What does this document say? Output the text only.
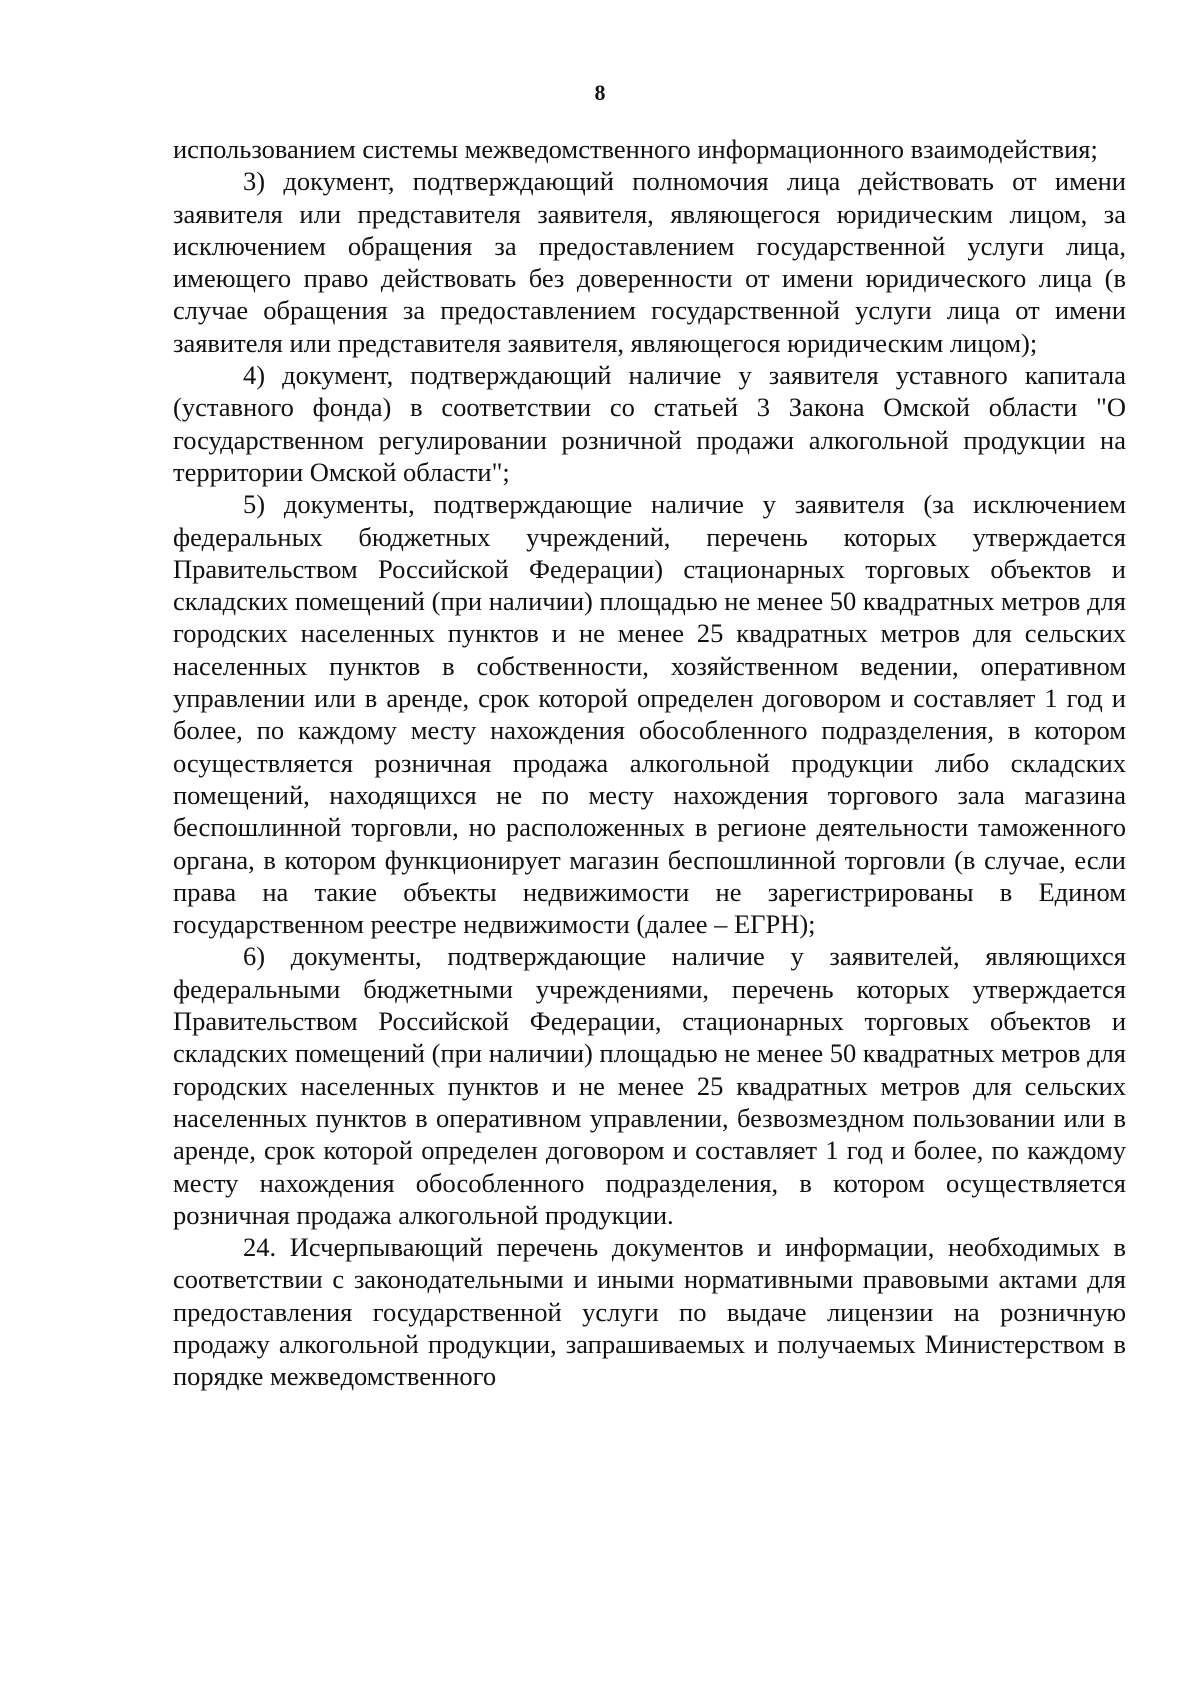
8

использованием системы межведомственного информационного взаимодействия;

3) документ, подтверждающий полномочия лица действовать от имени заявителя или представителя заявителя, являющегося юридическим лицом, за исключением обращения за предоставлением государственной услуги лица, имеющего право действовать без доверенности от имени юридического лица (в случае обращения за предоставлением государственной услуги лица от имени заявителя или представителя заявителя, являющегося юридическим лицом);

4) документ, подтверждающий наличие у заявителя уставного капитала (уставного фонда) в соответствии со статьей 3 Закона Омской области "О государственном регулировании розничной продажи алкогольной продукции на территории Омской области";

5) документы, подтверждающие наличие у заявителя (за исключением федеральных бюджетных учреждений, перечень которых утверждается Правительством Российской Федерации) стационарных торговых объектов и складских помещений (при наличии) площадью не менее 50 квадратных метров для городских населенных пунктов и не менее 25 квадратных метров для сельских населенных пунктов в собственности, хозяйственном ведении, оперативном управлении или в аренде, срок которой определен договором и составляет 1 год и более, по каждому месту нахождения обособленного подразделения, в котором осуществляется розничная продажа алкогольной продукции либо складских помещений, находящихся не по месту нахождения торгового зала магазина беспошлинной торговли, но расположенных в регионе деятельности таможенного органа, в котором функционирует магазин беспошлинной торговли (в случае, если права на такие объекты недвижимости не зарегистрированы в Едином государственном реестре недвижимости (далее – ЕГРН);

6) документы, подтверждающие наличие у заявителей, являющихся федеральными бюджетными учреждениями, перечень которых утверждается Правительством Российской Федерации, стационарных торговых объектов и складских помещений (при наличии) площадью не менее 50 квадратных метров для городских населенных пунктов и не менее 25 квадратных метров для сельских населенных пунктов в оперативном управлении, безвозмездном пользовании или в аренде, срок которой определен договором и составляет 1 год и более, по каждому месту нахождения обособленного подразделения, в котором осуществляется розничная продажа алкогольной продукции.

24. Исчерпывающий перечень документов и информации, необходимых в соответствии с законодательными и иными нормативными правовыми актами для предоставления государственной услуги по выдаче лицензии на розничную продажу алкогольной продукции, запрашиваемых и получаемых Министерством в порядке межведомственного
